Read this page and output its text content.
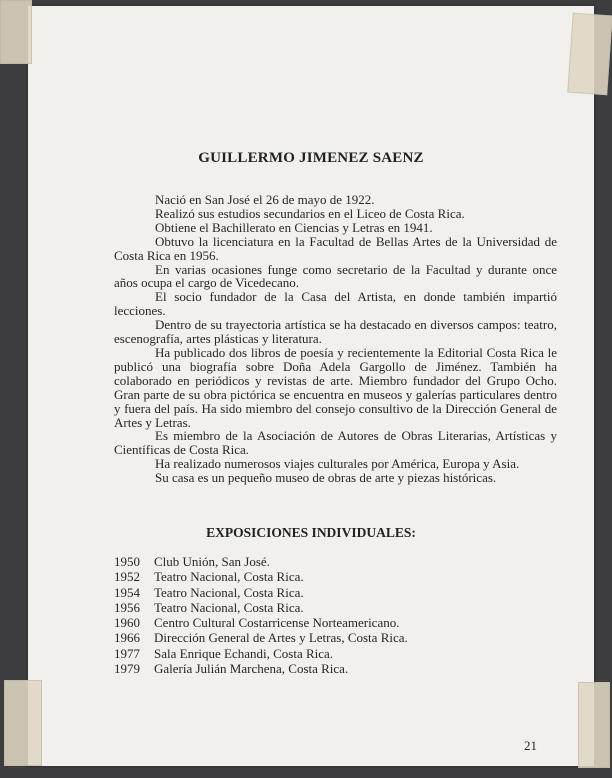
GUILLERMO JIMENEZ SAENZ

Nació en San José el 26 de mayo de 1922.

Realizó sus estudios secundarios en el Liceo de Costa Rica.

Obtiene el Bachillerato en Ciencias y Letras en 1941.

Obtuvo la licenciatura en la Facultad de Bellas Artes de la Universidad de Costa Rica en 1956.

En varias ocasiones funge como secretario de la Facultad y durante once años ocupa el cargo de Vicedecano.

El socio fundador de la Casa del Artista, en donde también impartió lecciones.

Dentro de su trayectoria artística se ha destacado en diversos campos: teatro, escenografía, artes plásticas y literatura.

Ha publicado dos libros de poesía y recientemente la Editorial Costa Rica le publicó una biografía sobre Doña Adela Gargollo de Jiménez. También ha colaborado en periódicos y revistas de arte. Miembro fundador del Grupo Ocho. Gran parte de su obra pictórica se encuentra en museos y galerías particulares dentro y fuera del país. Ha sido miembro del consejo consultivo de la Dirección General de Artes y Letras.

Es miembro de la Asociación de Autores de Obras Literarias, Artísticas y Científicas de Costa Rica.

Ha realizado numerosos viajes culturales por América, Europa y Asia.

Su casa es un pequeño museo de obras de arte y piezas históricas.

EXPOSICIONES INDIVIDUALES:
1950 Club Unión, San José.
1952 Teatro Nacional, Costa Rica.
1954 Teatro Nacional, Costa Rica.
1956 Teatro Nacional, Costa Rica.
1960 Centro Cultural Costarricense Norteamericano.
1966 Dirección General de Artes y Letras, Costa Rica.
1977 Sala Enrique Echandi, Costa Rica.
1979 Galería Julián Marchena, Costa Rica.
21
